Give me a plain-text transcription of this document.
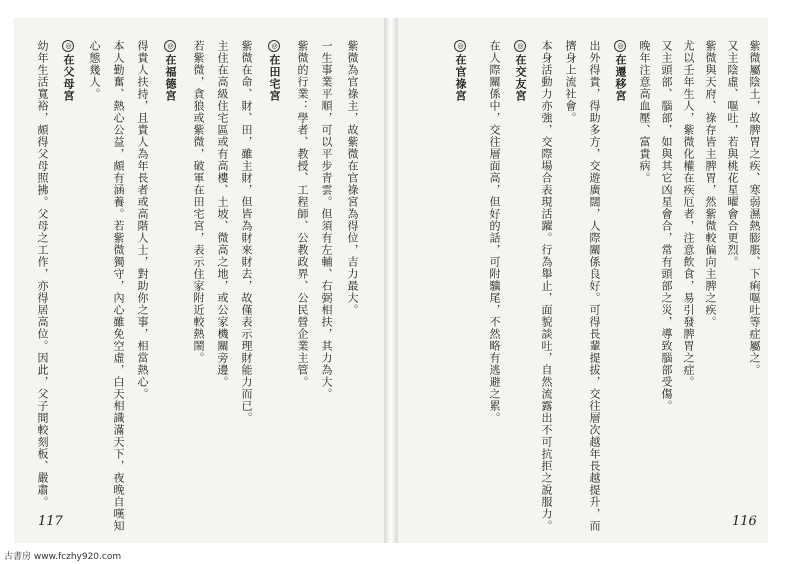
幼年生活寬裕，頗得父母照拂。父母之工作，亦得居高位。因此，父子間較刻板、嚴肅。 ◎在父母宮 心態幾人。 本人勤奮、熱心公益，頗有涵養。若紫微獨守，內心雖免空虛，白天相識滿天下，夜晚自嘆知 得貴人扶持，且貴人為年長者或高階人士，對助你之事，相當熱心。 ◎在福德宮 若紫微，貪狼或紫微，破軍在田宅宮，表示住家附近較熱鬧。 主住在高級住宅區或有高樓、土坡、微高之地，或公家機關旁邊。 紫微在命、財、田，雖主財，但皆為財來財去，故僅表示理財能力而已。 ◎在田宅宮 紫微的行業：學者、教授、工程師、公教政界、公民營企業主管。 一生事業平順，可以平步青雲。但須有左輔、右弼相扶，其力為大。 紫微為官祿主，故紫微在官祿宮為得位，吉力最大。
117
◎在官祿宮 在人際關係中，交往層面高，但好的話，可附驥尾，不然略有逃避之累。 ◎在交友宮 本身活動力亦強，交際場合表現活躍。行為舉止，面貌談吐，自然流露出不可抗拒之說服力。 擠身上流社會。 出外得貴，得助多方，交遊廣闊，人際關係良好。可得長輩提拔，交往層次越年長越提升，而 ◎在遷移宮 晚年注意高血壓、富貴病。 又主頭部、腦部，如與其它凶星會合，常有頭部之災，導致腦部受傷。 尤以壬年生人，紫微化權在疾厄者，注意飲食，易引發脾胃之症。 紫微與天府、祿存皆主脾胃，然紫微較偏向主脾之疾。 又主陰虛、嘔吐，若與桃花星曜會合更烈。 紫微屬陰土，故脾胃之疾、寒弱濕熱膨脹、下痢嘔吐等症屬之。
116
古書房 www.fczhy920.com
